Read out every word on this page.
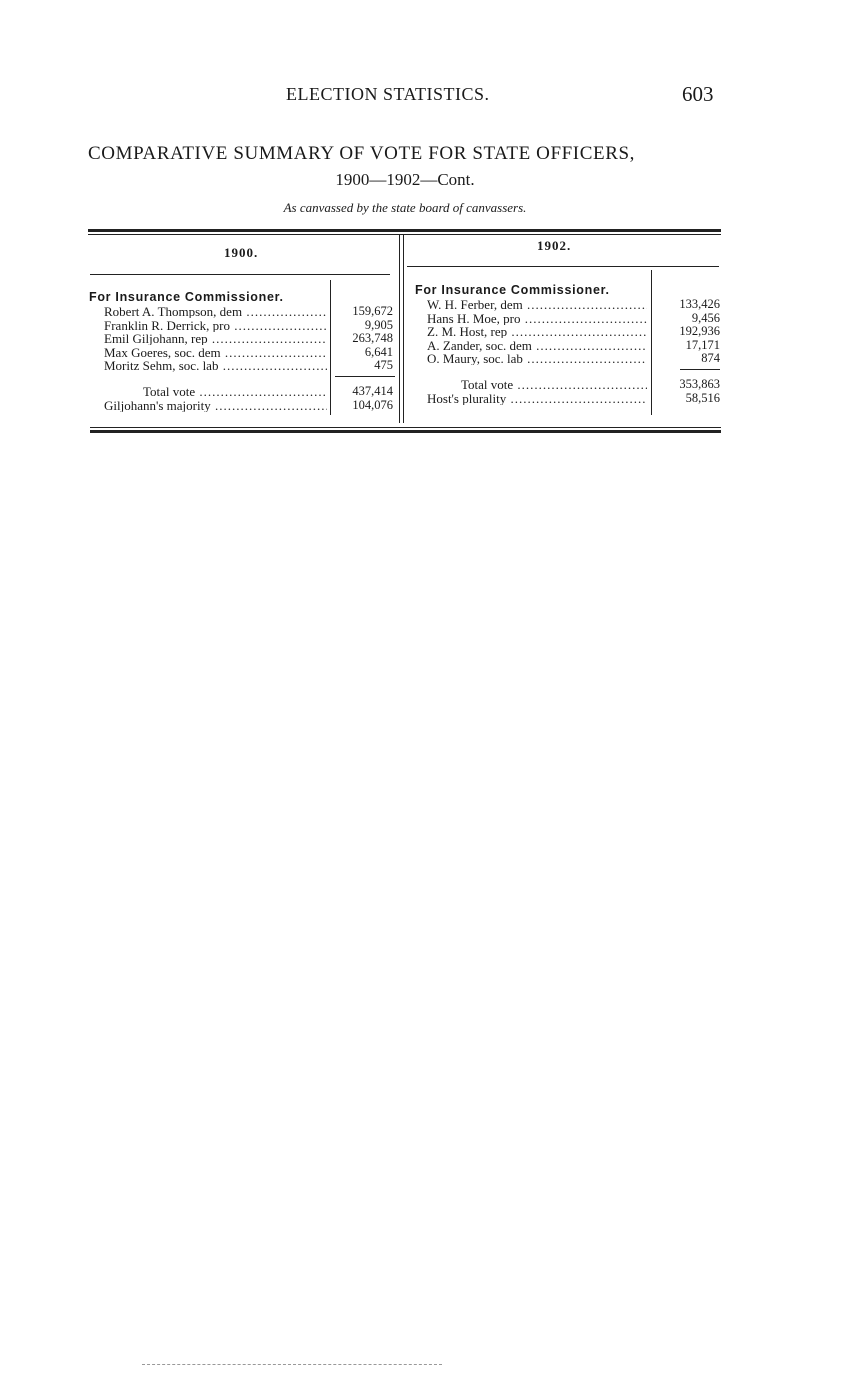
ELECTION STATISTICS.	603
COMPARATIVE SUMMARY OF VOTE FOR STATE OFFICERS,
1900—1902—Cont.
As canvassed by the state board of canvassers.
1900.
For Insurance Commissioner.
Robert A. Thompson, dem .....	159,672
Franklin R. Derrick, pro .....	9,905
Emil Giljohann, rep .....	263,748
Max Goeres, soc. dem .....	6,641
Moritz Sehm, soc. lab .....	475
Total vote .....	437,414
Giljohann's majority .....	104,076
1902.
For Insurance Commissioner.
W. H. Ferber, dem .....	133,426
Hans H. Moe, pro .....	9,456
Z. M. Host, rep .....	192,936
A. Zander, soc. dem .....	17,171
O. Maury, soc. lab .....	874
Total vote .....	353,863
Host's plurality .....	58,516
